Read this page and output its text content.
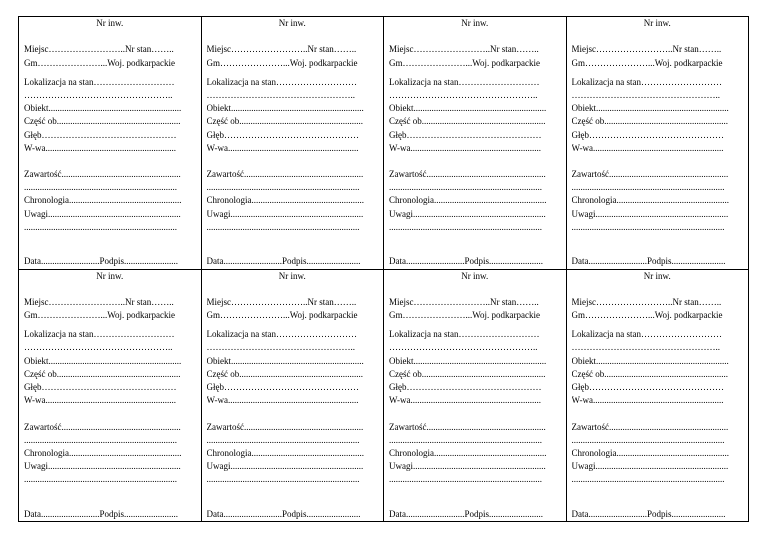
Nr inw.
Miejsc……………………..Nr stan……..
Gm…………………...Woj. podkarpackie
Lokalizacja na stan………………………
…………………………………………..
Obiekt...........................................................
Część ob.......................................................
Głęb………………………………………
W-wa..........................................................
Zawartość.....................................................
....................................................................
Chronologia..................................................
Uwagi...........................................................
....................................................................
Data..........................Podpis........................
Nr inw.
Miejsc……………………..Nr stan……..
Gm…………………...Woj. podkarpackie
Lokalizacja na stan………………………
…………………………………………..
Obiekt...........................................................
Część ob.......................................................
Głęb………………………………………
W-wa..........................................................
Zawartość.....................................................
....................................................................
Chronologia..................................................
Uwagi...........................................................
....................................................................
Data..........................Podpis........................
Nr inw.
Miejsc……………………..Nr stan……..
Gm…………………...Woj. podkarpackie
Lokalizacja na stan………………………
…………………………………………..
Obiekt...........................................................
Część ob.......................................................
Głęb………………………………………
W-wa..........................................................
Zawartość.....................................................
....................................................................
Chronologia..................................................
Uwagi...........................................................
....................................................................
Data..........................Podpis........................
Nr inw.
Miejsc……………………..Nr stan……..
Gm…………………...Woj. podkarpackie
Lokalizacja na stan………………………
…………………………………………..
Obiekt...........................................................
Część ob.......................................................
Głęb………………………………………
W-wa..........................................................
Zawartość.....................................................
....................................................................
Chronologia..................................................
Uwagi...........................................................
....................................................................
Data..........................Podpis........................
Nr inw.
Miejsc……………………..Nr stan……..
Gm…………………...Woj. podkarpackie
Lokalizacja na stan………………………
…………………………………………..
Obiekt...........................................................
Część ob.......................................................
Głęb………………………………………
W-wa..........................................................
Zawartość.....................................................
....................................................................
Chronologia..................................................
Uwagi...........................................................
....................................................................
Data..........................Podpis........................
Nr inw.
Miejsc……………………..Nr stan……..
Gm…………………...Woj. podkarpackie
Lokalizacja na stan………………………
…………………………………………..
Obiekt...........................................................
Część ob.......................................................
Głęb………………………………………
W-wa..........................................................
Zawartość.....................................................
....................................................................
Chronologia..................................................
Uwagi...........................................................
....................................................................
Data..........................Podpis........................
Nr inw.
Miejsc……………………..Nr stan……..
Gm…………………...Woj. podkarpackie
Lokalizacja na stan………………………
…………………………………………..
Obiekt...........................................................
Część ob.......................................................
Głęb………………………………………
W-wa..........................................................
Zawartość.....................................................
....................................................................
Chronologia..................................................
Uwagi...........................................................
....................................................................
Data..........................Podpis........................
Nr inw.
Miejsc……………………..Nr stan……..
Gm…………………...Woj. podkarpackie
Lokalizacja na stan………………………
…………………………………………..
Obiekt...........................................................
Część ob.......................................................
Głęb………………………………………
W-wa..........................................................
Zawartość.....................................................
....................................................................
Chronologia..................................................
Uwagi...........................................................
....................................................................
Data..........................Podpis........................
